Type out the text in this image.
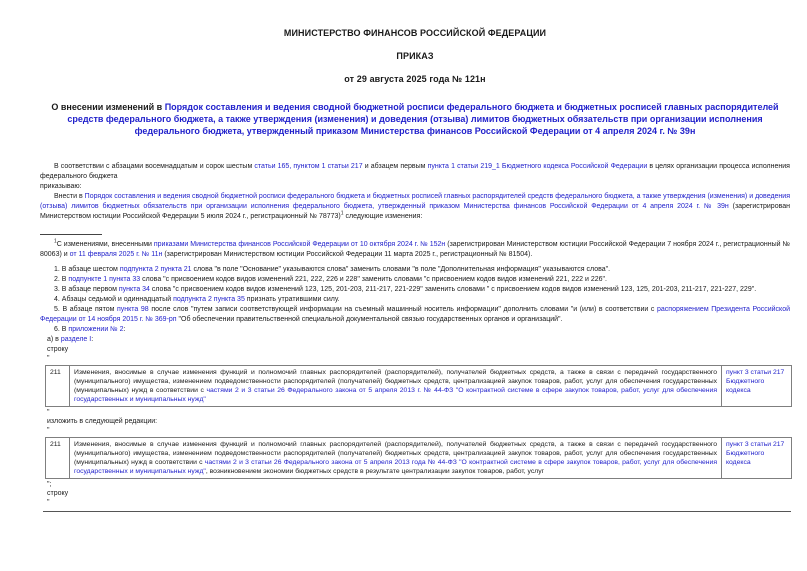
МИНИСТЕРСТВО ФИНАНСОВ РОССИЙСКОЙ ФЕДЕРАЦИИ
ПРИКАЗ
от 29 августа 2025 года № 121н
О внесении изменений в Порядок составления и ведения сводной бюджетной росписи федерального бюджета и бюджетных росписей главных распорядителей средств федерального бюджета, а также утверждения (изменения) и доведения (отзыва) лимитов бюджетных обязательств при организации исполнения федерального бюджета, утвержденный приказом Министерства финансов Российской Федерации от 4 апреля 2024 г. № 39н

В соответствии с абзацами восемнадцатым и сорок шестым статьи 165, пунктом 1 статьи 217 и абзацем первым пункта 1 статьи 219_1 Бюджетного кодекса Российской Федерации в целях организации процесса исполнения федерального бюджета

приказываю:

Внести в Порядок составления и ведения сводной бюджетной росписи федерального бюджета и бюджетных росписей главных распорядителей средств федерального бюджета, а также утверждения (изменения) и доведения (отзыва) лимитов бюджетных обязательств при организации исполнения федерального бюджета, утвержденный приказом Министерства финансов Российской Федерации от 4 апреля 2024 г. № 39н (зарегистрирован Министерством юстиции Российской Федерации 5 июля 2024 г., регистрационный № 78773)$^1$ следующие изменения:

$^1$С изменениями, внесенными приказами Министерства финансов Российской Федерации от 10 октября 2024 г. № 152н (зарегистрирован Министерством юстиции Российской Федерации 7 ноября 2024 г., регистрационный № 80063) и от 11 февраля 2025 г. № 11н (зарегистрирован Министерством юстиции Российской Федерации 11 марта 2025 г., регистрационный № 81504).

1. В абзаце шестом подпункта 2 пункта 21 слова "в поле "Основание" указываются слова" заменить словами "в поле "Дополнительная информация" указываются слова".

2. В подпункте 1 пункта 33 слова "с присвоением кодов видов изменений 221, 222, 226 и 228" заменить словами "с присвоением кодов видов изменений 221, 222 и 226".

3. В абзаце первом пункта 34 слова "с присвоением кодов видов изменений 123, 125, 201-203, 211-217, 221-229" заменить словами " с присвоением кодов видов изменений 123, 125, 201-203, 211-217, 221-227, 229".

4. Абзацы седьмой и одиннадцатый подпункта 2 пункта 35 признать утратившими силу.

5. В абзаце пятом пункта 98 после слов "путем записи соответствующей информации на съемный машинный носитель информации" дополнить словами "и (или) в соответствии с распоряжением Президента Российской Федерации от 14 ноября 2015 г. № 369-рп "Об обеспечении правительственной специальной документальной связью государственных органов и организаций".

6. В приложении № 2:

а) в разделе I:

строку

"

211	Изменения, вносимые в случае изменения функций и полномочий главных распорядителей (распорядителей), получателей бюджетных средств, а также в связи с передачей государственного (муниципального) имущества, изменением подведомственности распорядителей (получателей) бюджетных средств, централизацией закупок товаров, работ, услуг для обеспечения государственных (муниципальных) нужд в соответствии с частями 2 и 3 статьи 26 Федерального закона от 5 апреля 2013 г. № 44-ФЗ "О контрактной системе в сфере закупок товаров, работ, услуг для обеспечения государственных и муниципальных нужд"	пункт 3 статьи 217 Бюджетного кодекса

"

изложить в следующей редакции:

"

211	Изменения, вносимые в случае изменения функций и полномочий главных распорядителей (распорядителей), получателей бюджетных средств, а также в связи с передачей государственного (муниципального) имущества, изменением подведомственности распорядителей (получателей) бюджетных средств, централизацией закупок товаров, работ, услуг для обеспечения государственных (муниципальных) нужд в соответствии с частями 2 и 3 статьи 26 Федерального закона от 5 апреля 2013 года № 44-ФЗ "О контрактной системе в сфере закупок товаров, работ, услуг для обеспечения государственных и муниципальных нужд", возникновением экономии бюджетных средств в результате централизации закупок товаров, работ, услуг	пункт 3 статьи 217 Бюджетного кодекса

";

строку

"
